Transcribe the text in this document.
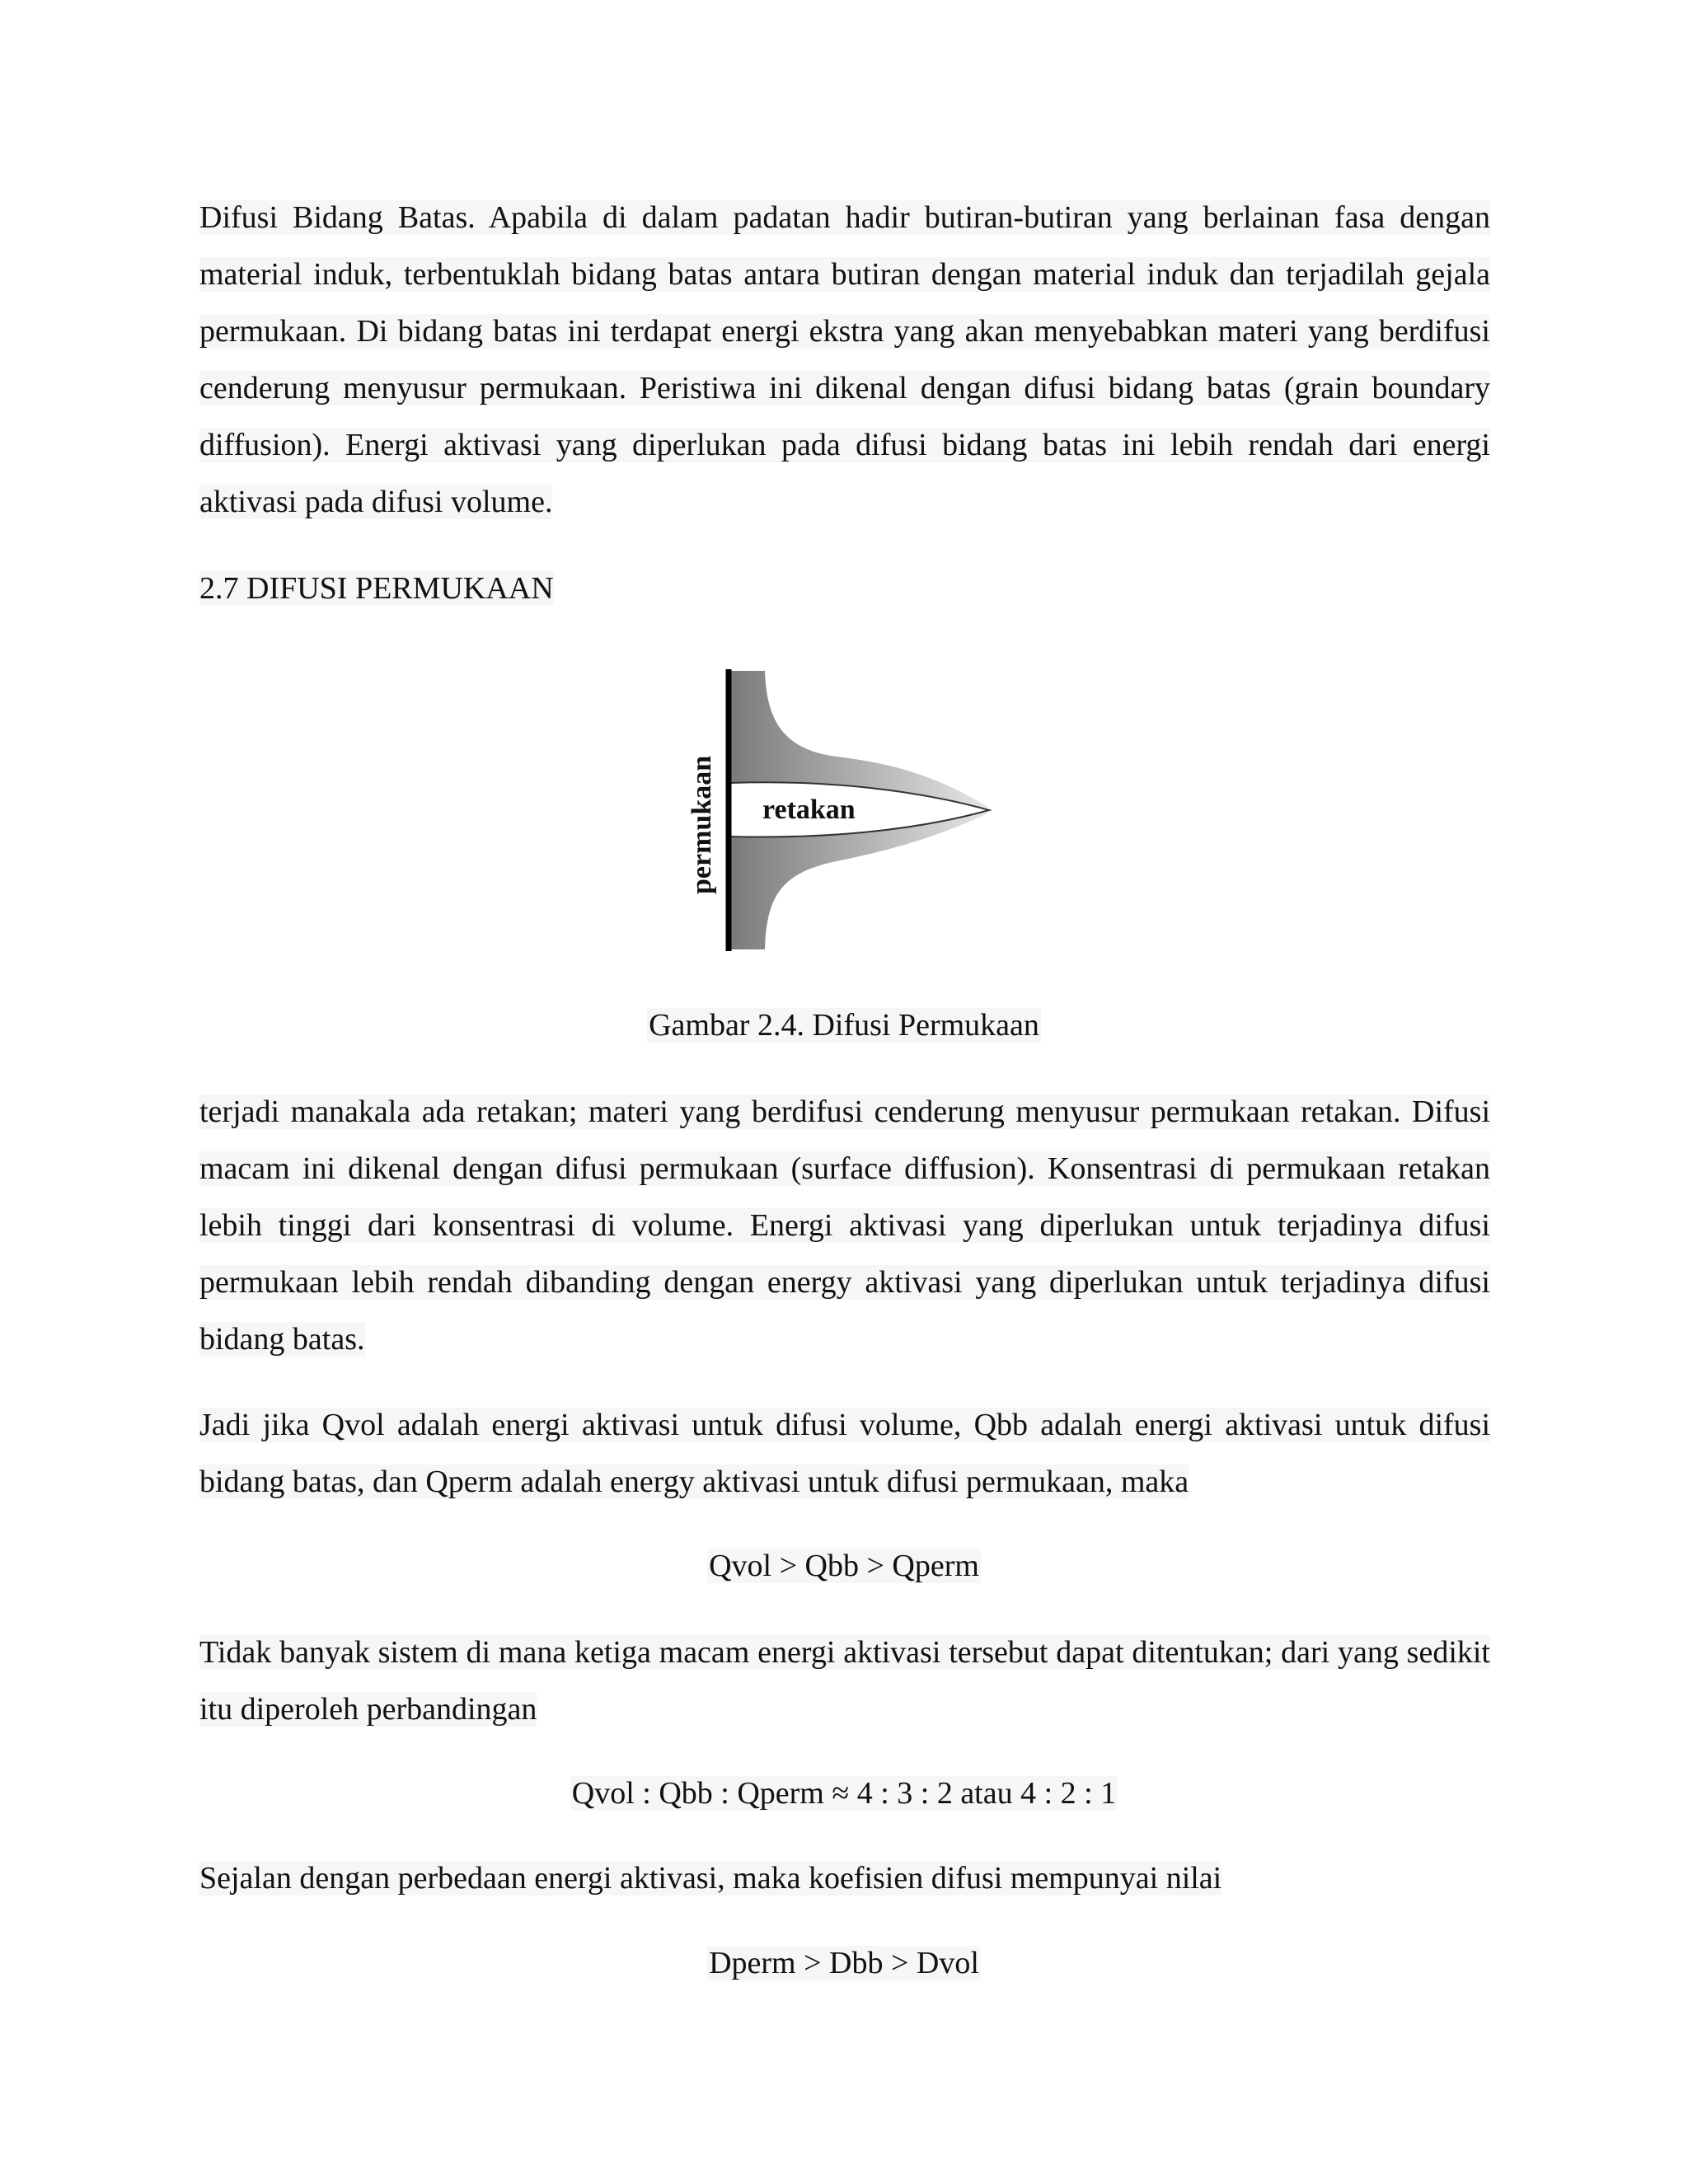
Difusi Bidang Batas. Apabila di dalam padatan hadir butiran-butiran yang berlainan fasa dengan material induk, terbentuklah bidang batas antara butiran dengan material induk dan terjadilah gejala permukaan. Di bidang batas ini terdapat energi ekstra yang akan menyebabkan materi yang berdifusi cenderung menyusur permukaan. Peristiwa ini dikenal dengan difusi bidang batas (grain boundary diffusion). Energi aktivasi yang diperlukan pada difusi bidang batas ini lebih rendah dari energi aktivasi pada difusi volume.

2.7 DIFUSI PERMUKAAN

retakan
permukaan

Gambar 2.4. Difusi Permukaan

terjadi manakala ada retakan; materi yang berdifusi cenderung menyusur permukaan retakan. Difusi macam ini dikenal dengan difusi permukaan (surface diffusion). Konsentrasi di permukaan retakan lebih tinggi dari konsentrasi di volume. Energi aktivasi yang diperlukan untuk terjadinya difusi permukaan lebih rendah dibanding dengan energy aktivasi yang diperlukan untuk terjadinya difusi bidang batas.

Jadi jika Qvol adalah energi aktivasi untuk difusi volume, Qbb adalah energi aktivasi untuk difusi bidang batas, dan Qperm adalah energy aktivasi untuk difusi permukaan, maka

Qvol > Qbb > Qperm

Tidak banyak sistem di mana ketiga macam energi aktivasi tersebut dapat ditentukan; dari yang sedikit itu diperoleh perbandingan

Qvol : Qbb : Qperm ≈ 4 : 3 : 2 atau 4 : 2 : 1

Sejalan dengan perbedaan energi aktivasi, maka koefisien difusi mempunyai nilai

Dperm > Dbb > Dvol
